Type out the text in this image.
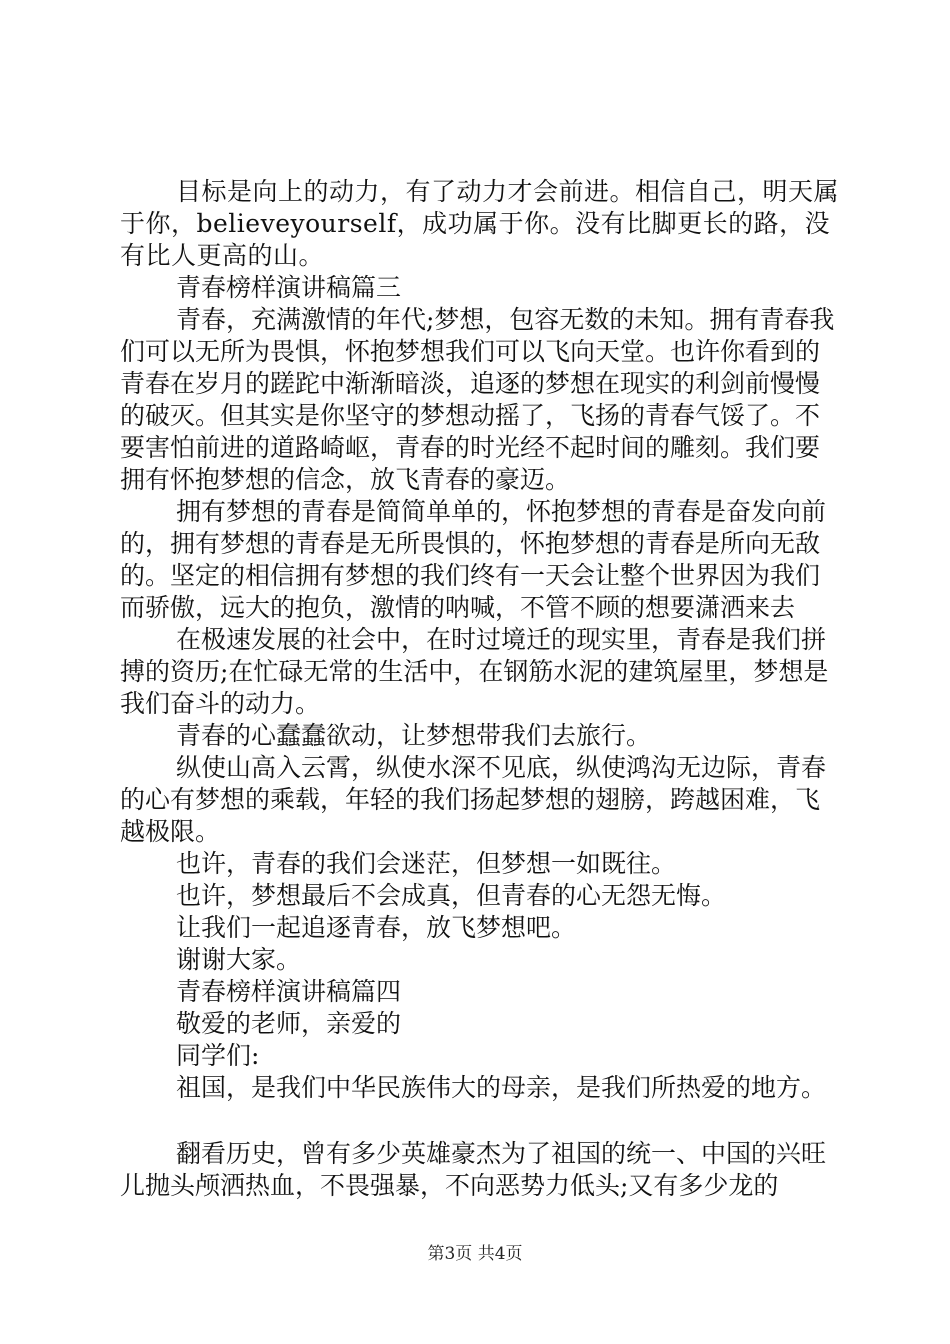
目标是向上的动力，有了动力才会前进。相信自己，明天属于你，believeyourself，成功属于你。没有比脚更长的路，没有比人更高的山。

青春榜样演讲稿篇三

青春，充满激情的年代;梦想，包容无数的未知。拥有青春我们可以无所为畏惧，怀抱梦想我们可以飞向天堂。也许你看到的青春在岁月的蹉跎中渐渐暗淡，追逐的梦想在现实的利剑前慢慢的破灭。但其实是你坚守的梦想动摇了，飞扬的青春气馁了。不要害怕前进的道路崎岖，青春的时光经不起时间的雕刻。我们要拥有怀抱梦想的信念，放飞青春的豪迈。

拥有梦想的青春是简简单单的，怀抱梦想的青春是奋发向前的，拥有梦想的青春是无所畏惧的，怀抱梦想的青春是所向无敌的。坚定的相信拥有梦想的我们终有一天会让整个世界因为我们而骄傲，远大的抱负，激情的呐喊，不管不顾的想要潇洒来去

在极速发展的社会中，在时过境迁的现实里，青春是我们拼搏的资历;在忙碌无常的生活中，在钢筋水泥的建筑屋里，梦想是我们奋斗的动力。

青春的心蠢蠢欲动，让梦想带我们去旅行。

纵使山高入云霄，纵使水深不见底，纵使鸿沟无边际，青春的心有梦想的乘载，年轻的我们扬起梦想的翅膀，跨越困难，飞越极限。

也许，青春的我们会迷茫，但梦想一如既往。

也许，梦想最后不会成真，但青春的心无怨无悔。

让我们一起追逐青春，放飞梦想吧。

谢谢大家。

青春榜样演讲稿篇四

敬爱的老师，亲爱的

同学们:

祖国，是我们中华民族伟大的母亲，是我们所热爱的地方。

翻看历史，曾有多少英雄豪杰为了祖国的统一、中国的兴旺儿抛头颅洒热血，不畏强暴，不向恶势力低头;又有多少龙的

第3页 共4页
